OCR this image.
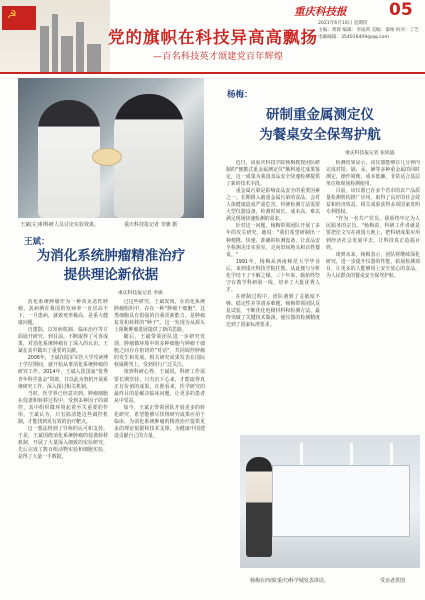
☭
党的旗帜在科技异高高飘扬
—百名科技英才颂建党百年辉煌
重庆科技报	05
2021年6月10日 星期四
主编：黄锋 编辑：李雨鸿 美编：秦俊 校对：丁芝
电邮邮箱：354016409@qq.com
王斌(左)和科研人员讨论实验效果。	重庆科技报记者 李旗 摄
王斌：
为消化系统肿瘤精准治疗
提供理论新依据
重庆科技报记者 李旗

消化系统肿瘤作为一种常见恶性肿瘤，其病例在我国的发病率一直居高不下，一旦患病，就致死率极高，是重大健康问题。

自建院，以发病机制、临床治疗等方面展开研究，到目前，不断取得了可喜成果，对消化系统肿瘤有了深入的认识。王斌在其中做出了重要的贡献。

2006年，王斌在陆军军医大学攻读博士学位期间，就开始从事消化系统肿瘤的研究工作。2014年，王斌入选国家"优秀青年科学基金"资助，并以此为契机开展系统研究工作，深入探讨相关机制。

当时，医学界已经意识到，肿瘤细胞在侵袭和转移过程中，受到多种因子的调控，其中组织微环境起着至关重要的作用。王斌认为，只有搞清楚这些调控机制，才能找到更有效的治疗靶点。

这一想法得到了导师的认可和支持。于是，王斌围绕消化系统肿瘤的侵袭转移机制，开展了大量深入细致的实验研究，先后完成了数百组动物实验和细胞实验，获得了大量一手数据。

过这些研究，王斌发现，在消化系统肿瘤组织中，存在一种"肿瘤干细胞"，这类细胞具有很强的自我更新能力，是肿瘤复发和转移的"种子"。这一发现为从源头上阻断肿瘤进展提供了新的思路。

随后，王斌带领团队进一步研究发现，肿瘤微环境中的多种细胞与肿瘤干细胞之间存在密切的"对话"，共同调控肿瘤的发生和发展。相关研究成果发表在国际权威期刊上，受到同行广泛关注。

谈到科研心得，王斌说，科研工作需要长期坚持，只有沉下心来，才能取得真正有价值的成果。在他看来，医学研究的最终目的是解决临床问题，让更多的患者从中受益。

如今，王斌正带领团队开展更多的转化研究，希望能够尽快将研究成果应用于临床，为消化系统肿瘤的精准治疗提供更多的理论依据和技术支撑，为健康中国建设贡献自己的力量。

杨梅：
研制重金属测定仪
为餐桌安全保驾护航
重庆科技报记者 张铭盛

近日，由重庆科技学院杨梅教授团队研制的"便携式重金属测定仪"顺利通过成果鉴定，这一成果为我国食品安全快速检测提供了新的技术手段。

重金属污染是影响食品安全的重要因素之一。长期摄入被重金属污染的食品，会对人体健康造成严重危害。传统检测方法需要大型仪器设备，检测时间长、成本高，难以满足现场快速检测的需求。

针对这一问题，杨梅带领团队开展了多年的攻关研究。她说："我们希望研制出一种便携、快速、准确的检测设备，让食品安全检测走出实验室，走向田间地头和百姓餐桌。"

1991年，杨梅从西南师范大学毕业后，来到重庆科技学院任教，从此便与分析化学结下了不解之缘。三十年来，她始终坚守在教学科研第一线，培养了大批优秀人才。

在研制过程中，团队遇到了灵敏度不够、稳定性差等诸多难题。杨梅带领团队反复试验，不断优化电极材料和检测方法，最终突破了关键技术瓶颈，使仪器的检测精度达到了国家标准要求。

检测结果显示，该仪器能够在几分钟内完成对铅、镉、汞、砷等多种重金属的同时测定，操作简便，成本低廉，非常适合基层单位和现场检测使用。

目前，该仪器已在多个省市的农产品质量检测机构推广应用，取得了良好的社会效益和经济效益。相关成果获得多项国家发明专利授权。

"作为一名共产党员，我始终牢记为人民服务的宗旨。"杨梅说，科研工作者就是要把论文写在祖国大地上，把科研成果应用到经济社会发展中去，让科技真正造福百姓。

谈到未来，杨梅表示，团队将继续深化研究，进一步提升仪器的性能，拓展检测项目，让更多的人能够用上安全放心的食品，为人民群众的餐桌安全保驾护航。

杨梅在西部(重庆)科学城发表讲话。	受访者供图
